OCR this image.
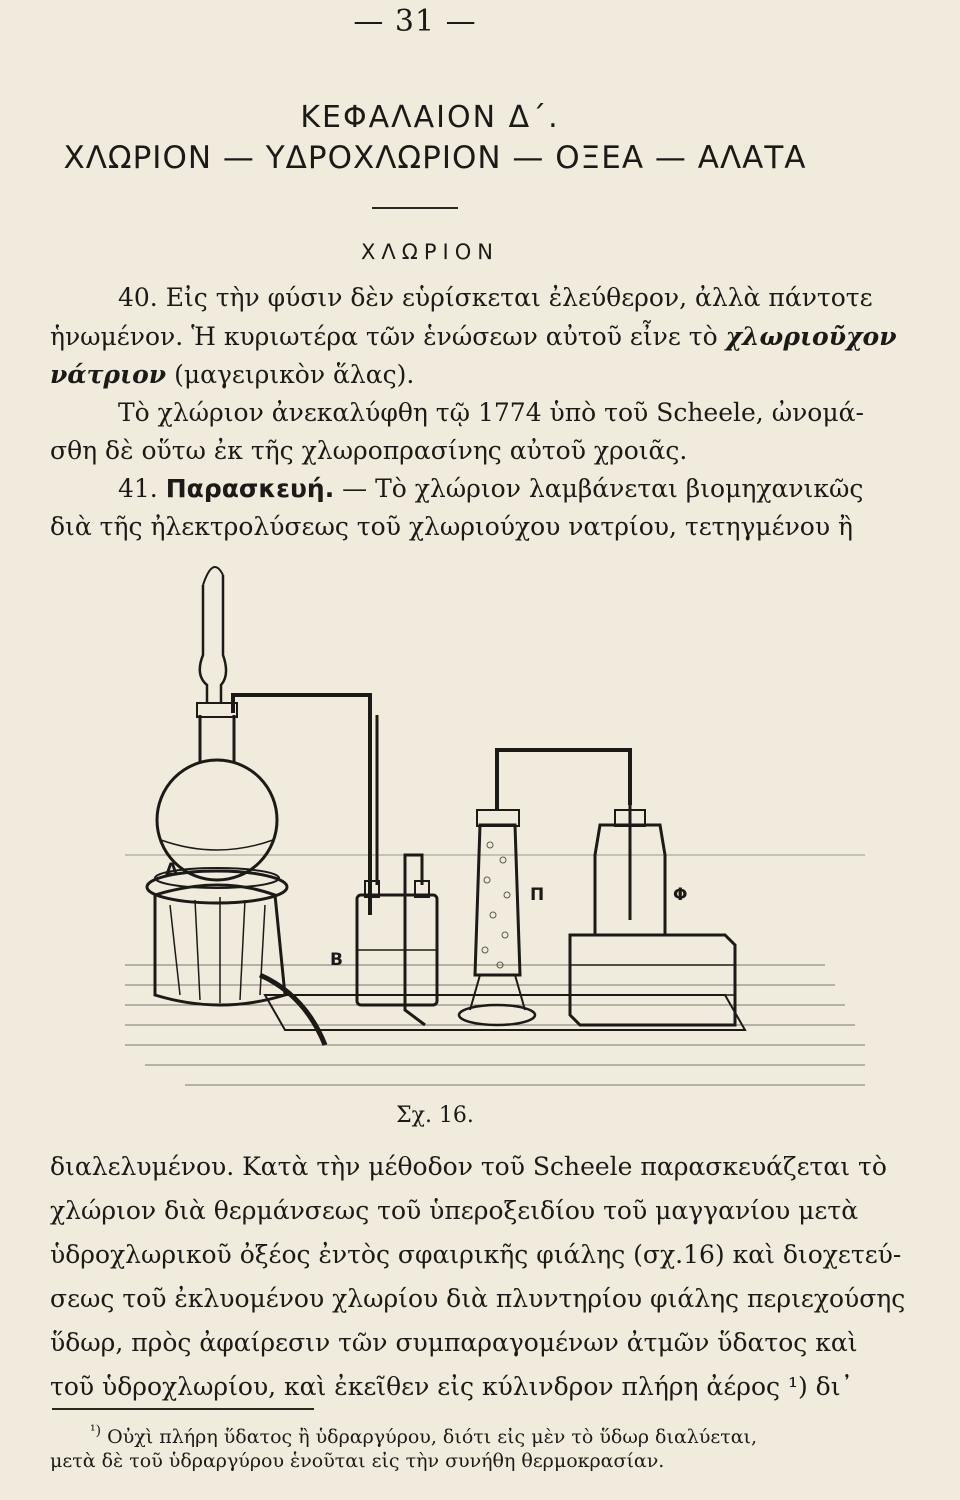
— 31 —
ΚΕΦΑΛΑΙΟΝ Δ΄.
ΧΛΩΡΙΟΝ — ΥΔΡΟΧΛΩΡΙΟΝ — ΟΞΕΑ — ΑΛΑΤΑ
ΧΛΩΡΙΟΝ
40. Εἰς τὴν φύσιν δὲν εὑρίσκεται ἐλεύθερον, ἀλλὰ πάντοτε
ἡνωμένον. Ἡ κυριωτέρα τῶν ἑνώσεων αὐτοῦ εἶνε τὸ χλωριοῦχον
νάτριον (μαγειρικὸν ἅλας).
Τὸ χλώριον ἀνεκαλύφθη τῷ 1774 ὑπὸ τοῦ Scheele, ὠνομά-
σθη δὲ οὕτω ἐκ τῆς χλωροπρασίνης αὐτοῦ χροιᾶς.
41. Παρασκευή. — Τὸ χλώριον λαμβάνεται βιομηχανικῶς
διὰ τῆς ἠλεκτρολύσεως τοῦ χλωριούχου νατρίου, τετηγμένου ἢ
Δ
Β
Π	Φ
Σχ. 16.
διαλελυμένου. Κατὰ τὴν μέθοδον τοῦ Scheele παρασκευάζεται τὸ
χλώριον διὰ θερμάνσεως τοῦ ὑπεροξειδίου τοῦ μαγγανίου μετὰ
ὑδροχλωρικοῦ ὀξέος ἐντὸς σφαιρικῆς φιάλης (σχ.16) καὶ διοχετεύ-
σεως τοῦ ἐκλυομένου χλωρίου διὰ πλυντηρίου φιάλης περιεχούσης
ὕδωρ, πρὸς ἀφαίρεσιν τῶν συμπαραγομένων ἀτμῶν ὕδατος καὶ
τοῦ ὑδροχλωρίου, καὶ ἐκεῖθεν εἰς κύλινδρον πλήρη ἀέρος ¹) δι᾿
$^{^1)}$ Οὐχὶ πλήρη ὕδατος ἢ ὑδραργύρου, διότι εἰς μὲν τὸ ὕδωρ διαλύεται,
μετὰ δὲ τοῦ ὑδραργύρου ἑνοῦται εἰς τὴν συνήθη θερμοκρασίαν.
